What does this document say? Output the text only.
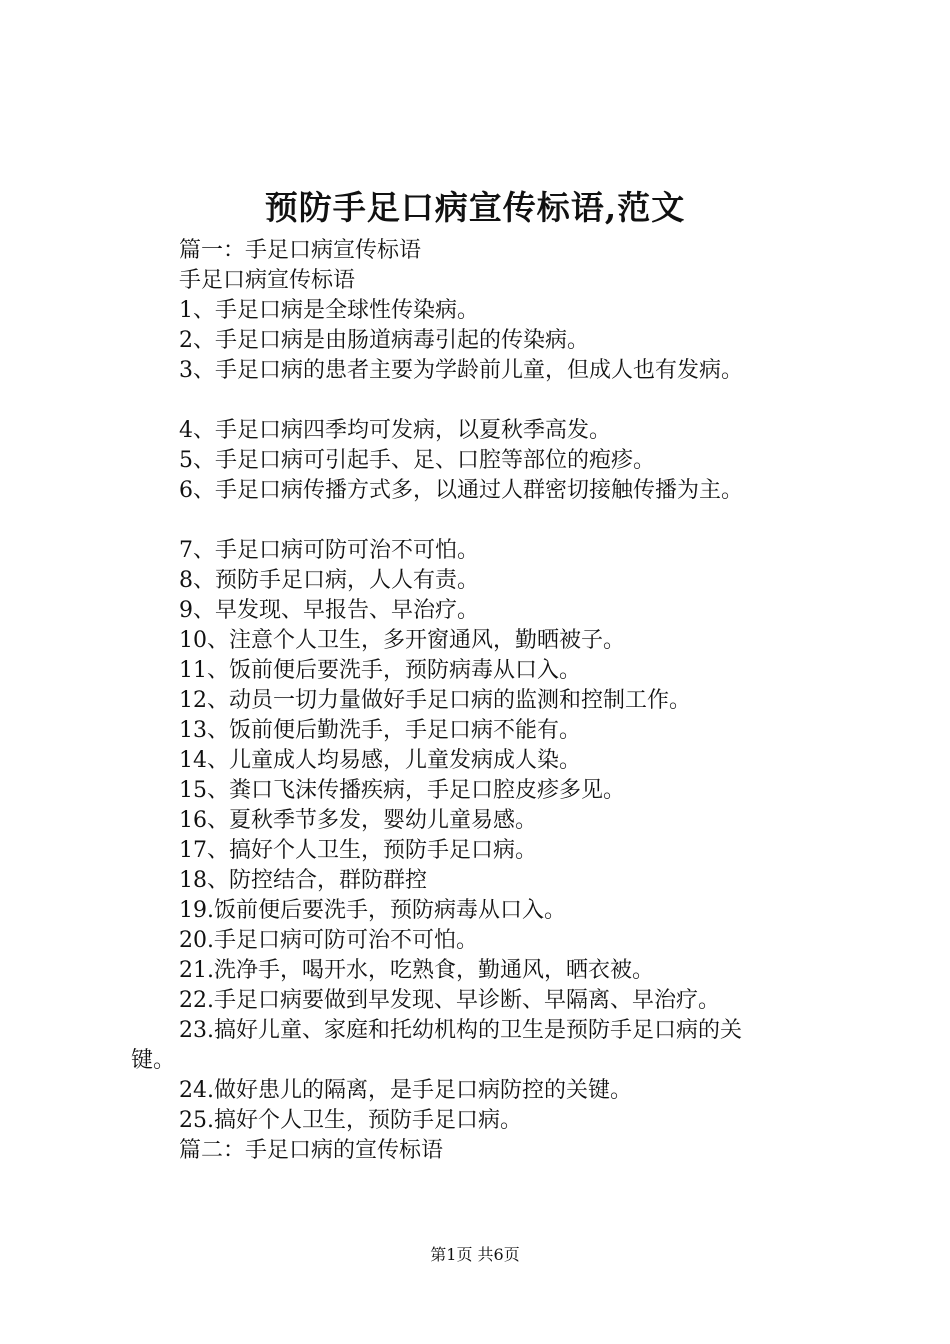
预防手足口病宣传标语,范文
篇一：手足口病宣传标语
手足口病宣传标语
1、手足口病是全球性传染病。
2、手足口病是由肠道病毒引起的传染病。
3、手足口病的患者主要为学龄前儿童，但成人也有发病。
4、手足口病四季均可发病，以夏秋季高发。
5、手足口病可引起手、足、口腔等部位的疱疹。
6、手足口病传播方式多，以通过人群密切接触传播为主。
7、手足口病可防可治不可怕。
8、预防手足口病，人人有责。
9、早发现、早报告、早治疗。
10、注意个人卫生，多开窗通风，勤晒被子。
11、饭前便后要洗手，预防病毒从口入。
12、动员一切力量做好手足口病的监测和控制工作。
13、饭前便后勤洗手，手足口病不能有。
14、儿童成人均易感，儿童发病成人染。
15、粪口飞沫传播疾病，手足口腔皮疹多见。
16、夏秋季节多发，婴幼儿童易感。
17、搞好个人卫生，预防手足口病。
18、防控结合，群防群控
19.饭前便后要洗手，预防病毒从口入。
20.手足口病可防可治不可怕。
21.洗净手，喝开水，吃熟食，勤通风，晒衣被。
22.手足口病要做到早发现、早诊断、早隔离、早治疗。
23.搞好儿童、家庭和托幼机构的卫生是预防手足口病的关
键。
24.做好患儿的隔离，是手足口病防控的关键。
25.搞好个人卫生，预防手足口病。
篇二：手足口病的宣传标语
第1页 共6页
